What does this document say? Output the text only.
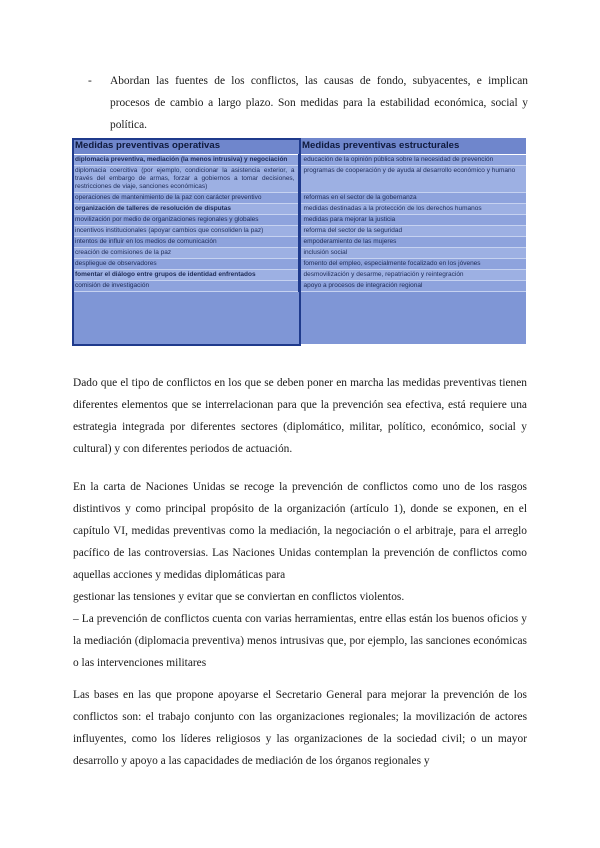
- Abordan las fuentes de los conflictos, las causas de fondo, subyacentes, e implican procesos de cambio a largo plazo. Son medidas para la estabilidad económica, social y política.
Medidas preventivas operativas	Medidas preventivas estructurales
diplomacia preventiva, mediación (la menos intrusiva) y negociación	educación de la opinión pública sobre la necesidad de prevención
diplomacia coercitiva (por ejemplo, condicionar la asistencia exterior, a través del embargo de armas, forzar a gobiernos a tomar decisiones, restricciones de viaje, sanciones económicas)	programas de cooperación y de ayuda al desarrollo económico y humano
operaciones de mantenimiento de la paz con carácter preventivo	reformas en el sector de la gobernanza
organización de talleres de resolución de disputas	medidas destinadas a la protección de los derechos humanos
movilización por medio de organizaciones regionales y globales	medidas para mejorar la justicia
incentivos institucionales (apoyar cambios que consoliden la paz)	reforma del sector de la seguridad
intentos de influir en los medios de comunicación	empoderamiento de las mujeres
creación de comisiones de la paz	inclusión social
despliegue de observadores	fomento del empleo, especialmente focalizado en los jóvenes
fomentar el diálogo entre grupos de identidad enfrentados	desmovilización y desarme, repatriación y reintegración
comisión de investigación	apoyo a procesos de integración regional
Dado que el tipo de conflictos en los que se deben poner en marcha las medidas preventivas tienen diferentes elementos que se interrelacionan para que la prevención sea efectiva, está requiere una estrategia integrada por diferentes sectores (diplomático, militar, político, económico, social y cultural) y con diferentes periodos de actuación.
En la carta de Naciones Unidas se recoge la prevención de conflictos como uno de los rasgos distintivos y como principal propósito de la organización (artículo 1), donde se exponen, en el capítulo VI, medidas preventivas como la mediación, la negociación o el arbitraje, para el arreglo pacífico de las controversias. Las Naciones Unidas contemplan la prevención de conflictos como aquellas acciones y medidas diplomáticas para
gestionar las tensiones y evitar que se conviertan en conflictos violentos.
– La prevención de conflictos cuenta con varias herramientas, entre ellas están los buenos oficios y la mediación (diplomacia preventiva) menos intrusivas que, por ejemplo, las sanciones económicas o las intervenciones militares
Las bases en las que propone apoyarse el Secretario General para mejorar la prevención de los conflictos son: el trabajo conjunto con las organizaciones regionales; la movilización de actores influyentes, como los líderes religiosos y las organizaciones de la sociedad civil; o un mayor desarrollo y apoyo a las capacidades de mediación de los órganos regionales y
